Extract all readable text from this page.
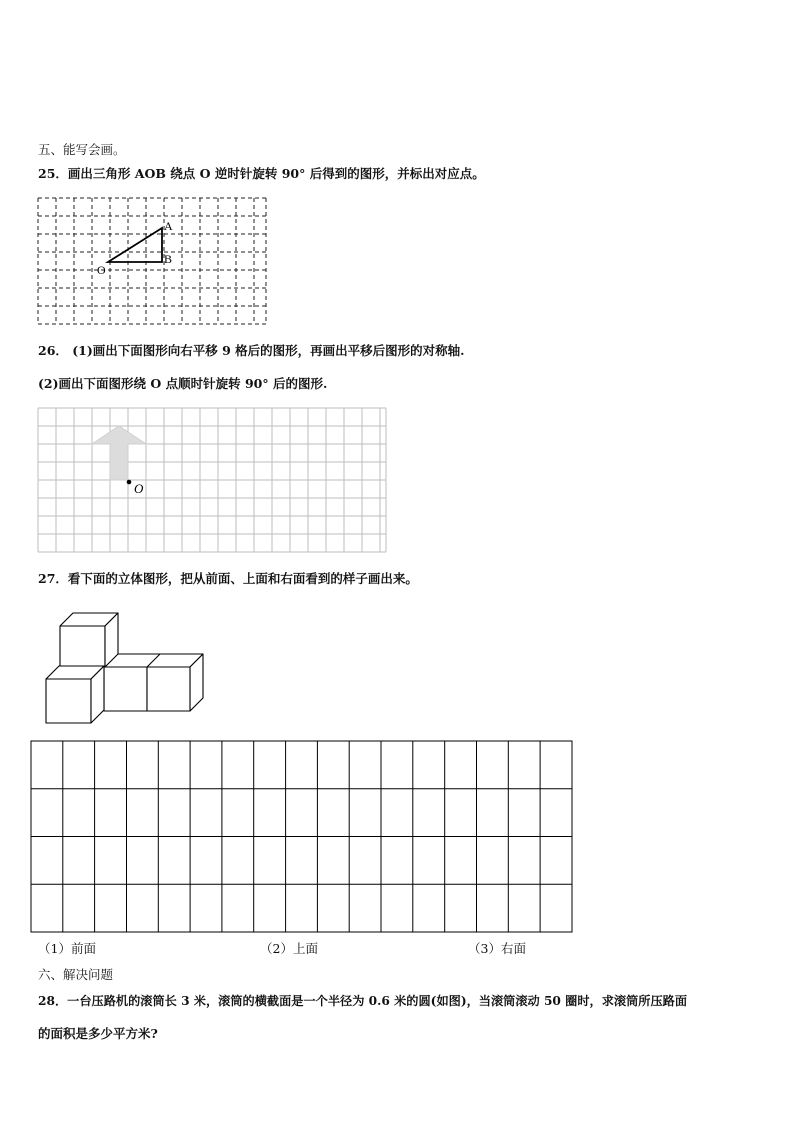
五、能写会画。
25．画出三角形 AOB 绕点 O 逆时针旋转 90° 后得到的图形，并标出对应点。
A
B
O
26． (1)画出下面图形向右平移 9 格后的图形，再画出平移后图形的对称轴.
(2)画出下面图形绕 O 点顺时针旋转 90° 后的图形.
O
27．看下面的立体图形，把从前面、上面和右面看到的样子画出来。
（1）前面	（2）上面	（3）右面
六、解决问题
28．一台压路机的滚筒长 3 米，滚筒的横截面是一个半径为 0.6 米的圆(如图)，当滚筒滚动 50 圈时，求滚筒所压路面
的面积是多少平方米?
